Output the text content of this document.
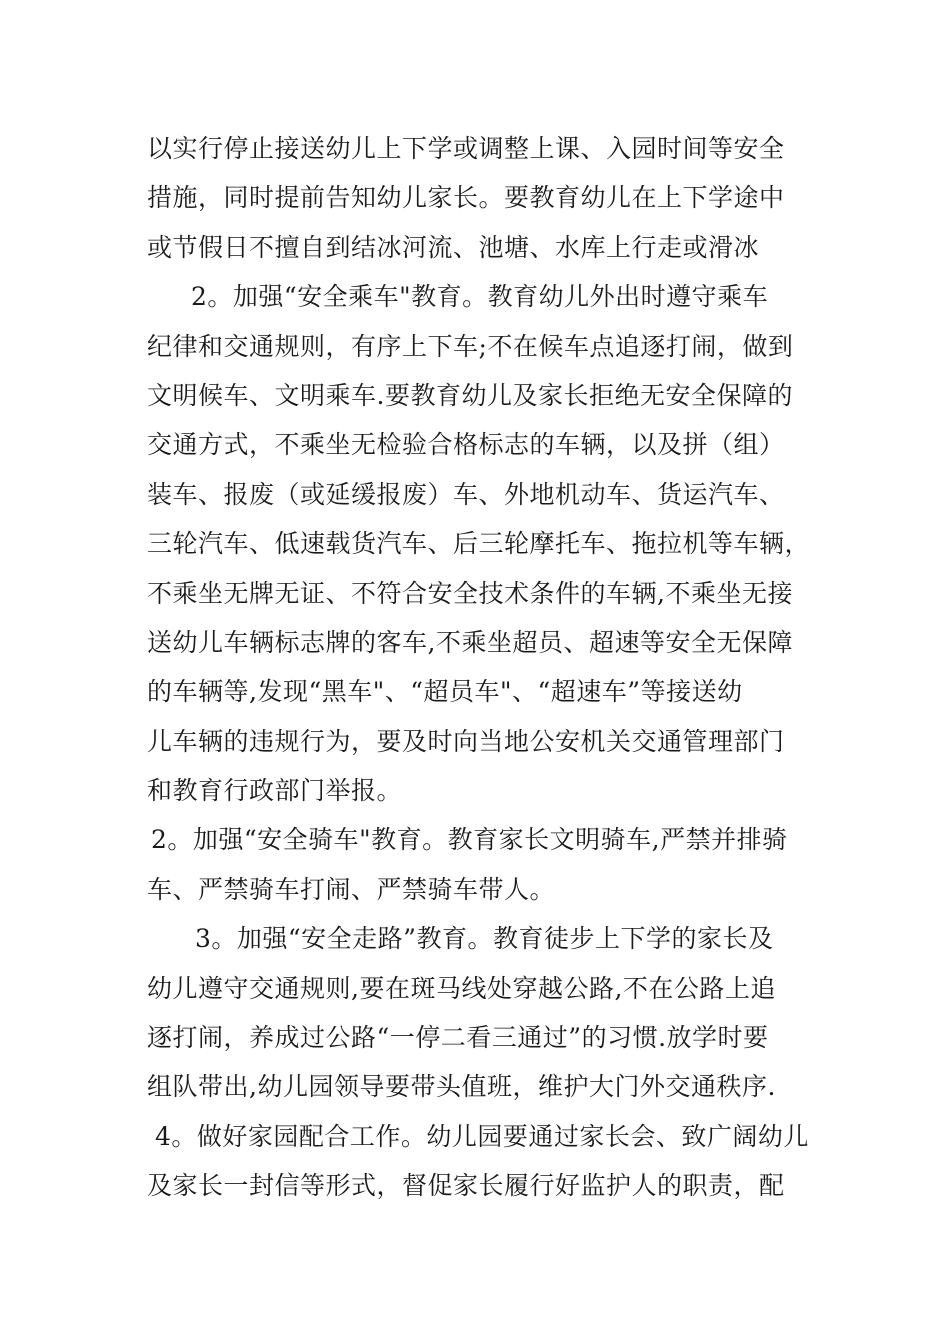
以实行停止接送幼儿上下学或调整上课、入园时间等安全
措施，同时提前告知幼儿家长。要教育幼儿在上下学途中
或节假日不擅自到结冰河流、池塘、水库上行走或滑冰
2。加强“安全乘车"教育。教育幼儿外出时遵守乘车
纪律和交通规则，有序上下车;不在候车点追逐打闹，做到
文明候车、文明乘车.要教育幼儿及家长拒绝无安全保障的
交通方式，不乘坐无检验合格标志的车辆，以及拼（组）
装车、报废（或延缓报废）车、外地机动车、货运汽车、
三轮汽车、低速载货汽车、后三轮摩托车、拖拉机等车辆，
不乘坐无牌无证、不符合安全技术条件的车辆,不乘坐无接
送幼儿车辆标志牌的客车,不乘坐超员、超速等安全无保障
的车辆等,发现“黑车"、“超员车"、“超速车”等接送幼
儿车辆的违规行为，要及时向当地公安机关交通管理部门
和教育行政部门举报。
2。加强“安全骑车"教育。教育家长文明骑车,严禁并排骑
车、严禁骑车打闹、严禁骑车带人。
3。加强“安全走路”教育。教育徒步上下学的家长及
幼儿遵守交通规则,要在斑马线处穿越公路,不在公路上追
逐打闹，养成过公路“一停二看三通过”的习惯.放学时要
组队带出,幼儿园领导要带头值班，维护大门外交通秩序.
4。做好家园配合工作。幼儿园要通过家长会、致广阔幼儿
及家长一封信等形式，督促家长履行好监护人的职责，配
